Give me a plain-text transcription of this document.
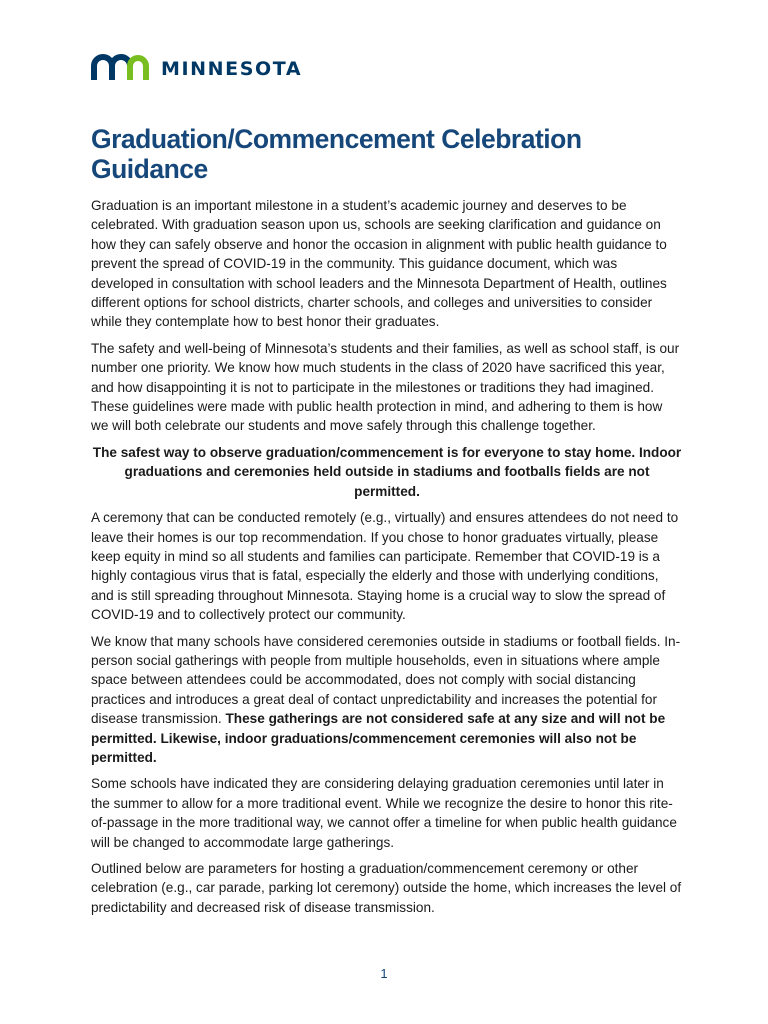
MINNESOTA
Graduation/Commencement Celebration Guidance

Graduation is an important milestone in a student’s academic journey and deserves to be celebrated. With graduation season upon us, schools are seeking clarification and guidance on how they can safely observe and honor the occasion in alignment with public health guidance to prevent the spread of COVID-19 in the community. This guidance document, which was developed in consultation with school leaders and the Minnesota Department of Health, outlines different options for school districts, charter schools, and colleges and universities to consider while they contemplate how to best honor their graduates.

The safety and well-being of Minnesota’s students and their families, as well as school staff, is our number one priority. We know how much students in the class of 2020 have sacrificed this year, and how disappointing it is not to participate in the milestones or traditions they had imagined. These guidelines were made with public health protection in mind, and adhering to them is how we will both celebrate our students and move safely through this challenge together.

The safest way to observe graduation/commencement is for everyone to stay home. Indoor graduations and ceremonies held outside in stadiums and footballs fields are not permitted.

A ceremony that can be conducted remotely (e.g., virtually) and ensures attendees do not need to leave their homes is our top recommendation. If you chose to honor graduates virtually, please keep equity in mind so all students and families can participate. Remember that COVID-19 is a highly contagious virus that is fatal, especially the elderly and those with underlying conditions, and is still spreading throughout Minnesota. Staying home is a crucial way to slow the spread of COVID-19 and to collectively protect our community.

We know that many schools have considered ceremonies outside in stadiums or football fields. In-person social gatherings with people from multiple households, even in situations where ample space between attendees could be accommodated, does not comply with social distancing practices and introduces a great deal of contact unpredictability and increases the potential for disease transmission. These gatherings are not considered safe at any size and will not be permitted. Likewise, indoor graduations/commencement ceremonies will also not be permitted.

Some schools have indicated they are considering delaying graduation ceremonies until later in the summer to allow for a more traditional event. While we recognize the desire to honor this rite-of-passage in the more traditional way, we cannot offer a timeline for when public health guidance will be changed to accommodate large gatherings.

Outlined below are parameters for hosting a graduation/commencement ceremony or other celebration (e.g., car parade, parking lot ceremony) outside the home, which increases the level of predictability and decreased risk of disease transmission.

1
